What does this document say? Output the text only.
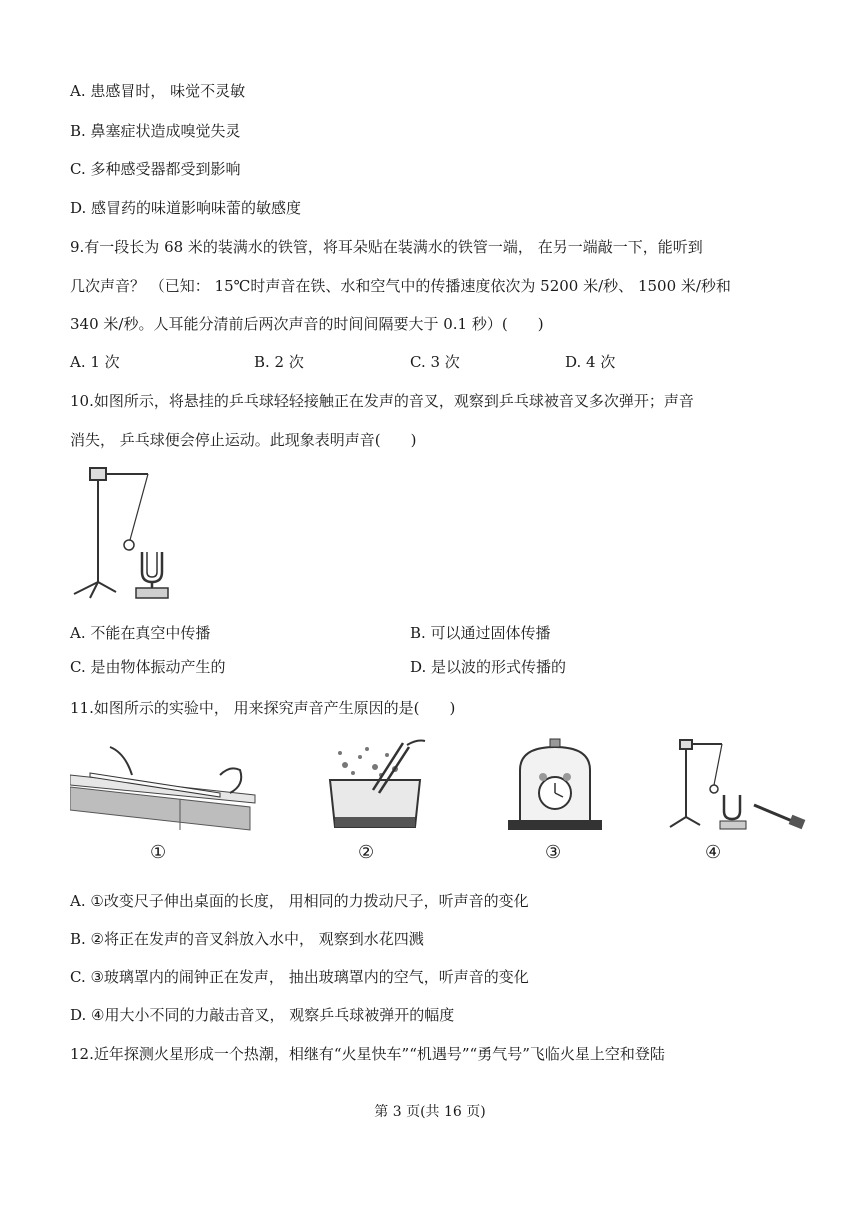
A. 患感冒时， 味觉不灵敏
B. 鼻塞症状造成嗅觉失灵
C. 多种感受器都受到影响
D. 感冒药的味道影响味蕾的敏感度
9.有一段长为 68 米的装满水的铁管，将耳朵贴在装满水的铁管一端， 在另一端敲一下，能听到
几次声音？ （已知： 15℃时声音在铁、水和空气中的传播速度依次为 5200 米/秒、 1500 米/秒和
340 米/秒。人耳能分清前后两次声音的时间间隔要大于 0.1 秒）(　　)
A. 1 次	B. 2 次	C. 3 次	D. 4 次
10.如图所示，将悬挂的乒乓球轻轻接触正在发声的音叉，观察到乒乓球被音叉多次弹开；声音
消失， 乒乓球便会停止运动。此现象表明声音(　　)
A. 不能在真空中传播	B. 可以通过固体传播
C. 是由物体振动产生的	D. 是以波的形式传播的
11.如图所示的实验中， 用来探究声音产生原因的是(　　)
①	②	③	④
A. ①改变尺子伸出桌面的长度， 用相同的力拨动尺子，听声音的变化
B. ②将正在发声的音叉斜放入水中， 观察到水花四溅
C. ③玻璃罩内的闹钟正在发声， 抽出玻璃罩内的空气，听声音的变化
D. ④用大小不同的力敲击音叉， 观察乒乓球被弹开的幅度
12.近年探测火星形成一个热潮，相继有“火星快车”“机遇号”“勇气号”飞临火星上空和登陆
第 3 页(共 16 页)
